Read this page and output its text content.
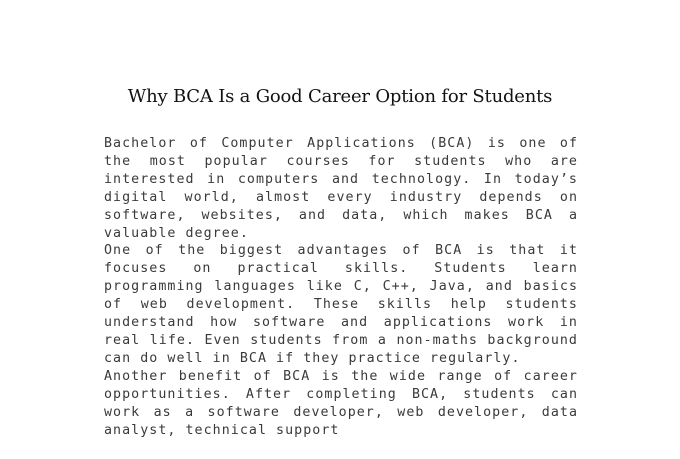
Why BCA Is a Good Career Option for Students

Bachelor of Computer Applications (BCA) is one of the most popular courses for students who are interested in computers and technology. In today’s digital world, almost every industry depends on software, websites, and data, which makes BCA a valuable degree.

One of the biggest advantages of BCA is that it focuses on practical skills. Students learn programming languages like C, C++, Java, and basics of web development. These skills help students understand how software and applications work in real life. Even students from a non-maths background can do well in BCA if they practice regularly.

Another benefit of BCA is the wide range of career opportunities. After completing BCA, students can work as a software developer, web developer, data analyst, technical support
